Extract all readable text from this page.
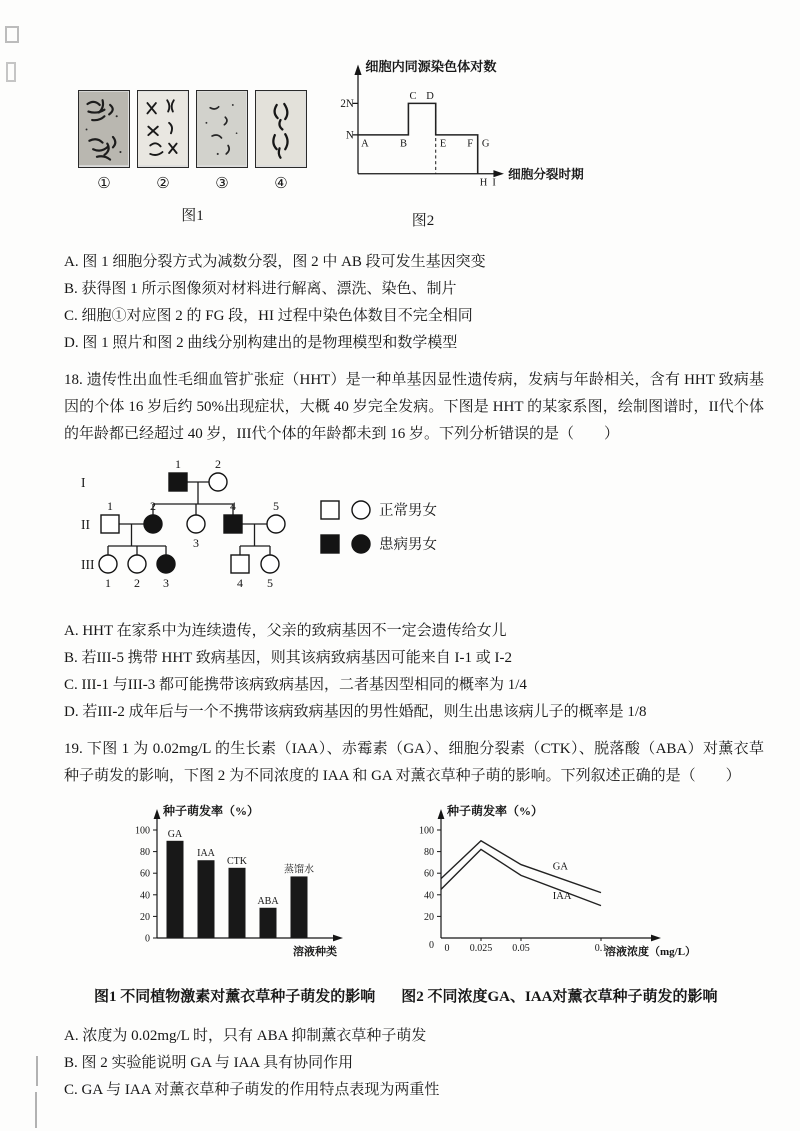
①	②	③	④
图1
细胞内同源染色体对数
2N
N
A	B
C D
E F G
H I
细胞分裂时期
图2
A. 图 1 细胞分裂方式为减数分裂，图 2 中 AB 段可发生基因突变
B. 获得图 1 所示图像须对材料进行解离、漂洗、染色、制片
C. 细胞①对应图 2 的 FG 段，HI 过程中染色体数目不完全相同
D. 图 1 照片和图 2 曲线分别构建出的是物理模型和数学模型

18. 遗传性出血性毛细血管扩张症（HHT）是一种单基因显性遗传病，发病与年龄相关，含有 HHT 致病基因的个体 16 岁后约 50%出现症状，大概 40 岁完全发病。下图是 HHT 的某家系图，绘制图谱时，II代个体的年龄都已经超过 40 岁，III代个体的年龄都未到 16 岁。下列分析错误的是（　　）

I
II
III
1	2
1	2
3
4	5
1 2 3	4 5
正常男女
患病男女
A. HHT 在家系中为连续遗传，父亲的致病基因不一定会遗传给女儿
B. 若III-5 携带 HHT 致病基因，则其该病致病基因可能来自 I-1 或 I-2
C. III-1 与III-3 都可能携带该病致病基因，二者基因型相同的概率为 1/4
D. 若III-2 成年后与一个不携带该病致病基因的男性婚配，则生出患该病儿子的概率是 1/8

19. 下图 1 为 0.02mg/L 的生长素（IAA）、赤霉素（GA）、细胞分裂素（CTK）、脱落酸（ABA）对薰衣草种子萌发的影响，下图 2 为不同浓度的 IAA 和 GA 对薰衣草种子萌的影响。下列叙述正确的是（　　）

种子萌发率（%）
0
20
40
60
80
100 GA
IAA
CTK
ABA
蒸馏水
溶液种类
图1 不同植物激素对薰衣草种子萌发的影响
种子萌发率（%）
0
20
40
60
80
100
0 0.025 0.05	0.1
GA
IAA
溶液浓度（mg/L）
图2 不同浓度GA、IAA对薰衣草种子萌发的影响
A. 浓度为 0.02mg/L 时，只有 ABA 抑制薰衣草种子萌发
B. 图 2 实验能说明 GA 与 IAA 具有协同作用
C. GA 与 IAA 对薰衣草种子萌发的作用特点表现为两重性
